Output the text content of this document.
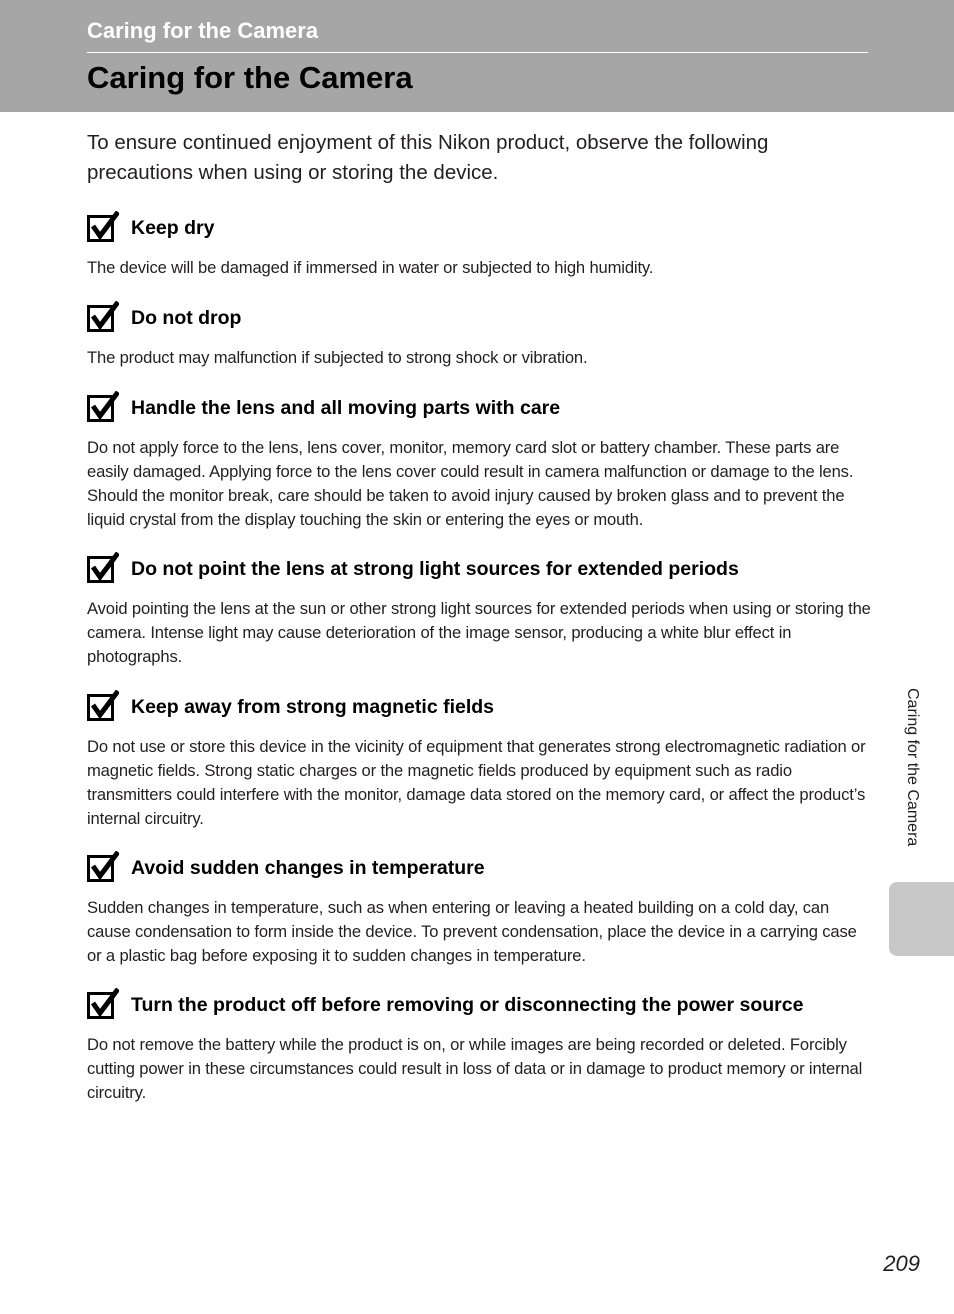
Caring for the Camera
Caring for the Camera
To ensure continued enjoyment of this Nikon product, observe the following precautions when using or storing the device.
Keep dry
The device will be damaged if immersed in water or subjected to high humidity.
Do not drop
The product may malfunction if subjected to strong shock or vibration.
Handle the lens and all moving parts with care
Do not apply force to the lens, lens cover, monitor, memory card slot or battery chamber. These parts are easily damaged. Applying force to the lens cover could result in camera malfunction or damage to the lens. Should the monitor break, care should be taken to avoid injury caused by broken glass and to prevent the liquid crystal from the display touching the skin or entering the eyes or mouth.
Do not point the lens at strong light sources for extended periods
Avoid pointing the lens at the sun or other strong light sources for extended periods when using or storing the camera. Intense light may cause deterioration of the image sensor, producing a white blur effect in photographs.
Keep away from strong magnetic fields
Do not use or store this device in the vicinity of equipment that generates strong electromagnetic radiation or magnetic fields. Strong static charges or the magnetic fields produced by equipment such as radio transmitters could interfere with the monitor, damage data stored on the memory card, or affect the product’s internal circuitry.
Avoid sudden changes in temperature
Sudden changes in temperature, such as when entering or leaving a heated building on a cold day, can cause condensation to form inside the device. To prevent condensation, place the device in a carrying case or a plastic bag before exposing it to sudden changes in temperature.
Turn the product off before removing or disconnecting the power source
Do not remove the battery while the product is on, or while images are being recorded or deleted. Forcibly cutting power in these circumstances could result in loss of data or in damage to product memory or internal circuitry.
Caring for the Camera
209
